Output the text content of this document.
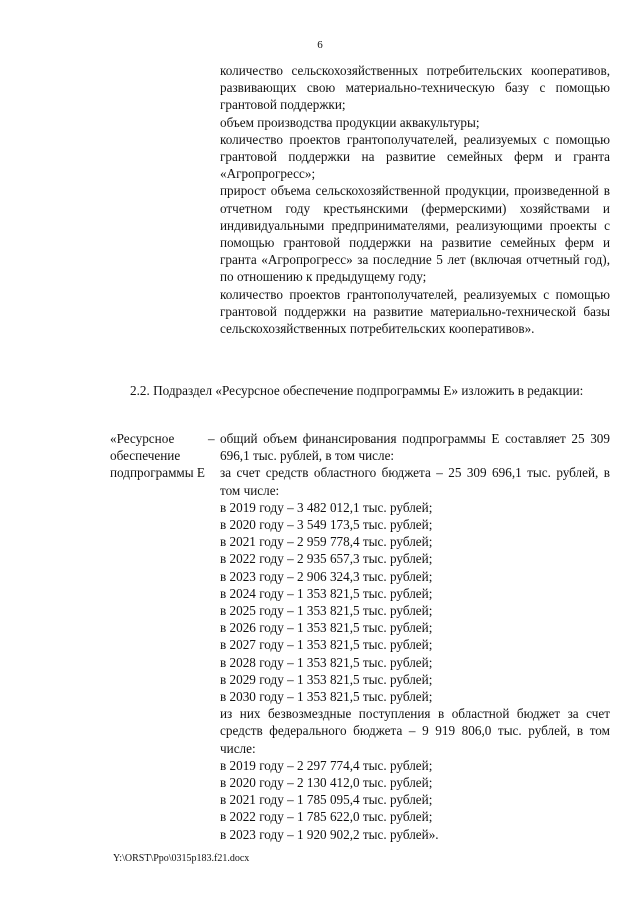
6

количество сельскохозяйственных потребительских кооперативов, развивающих свою материально-техническую базу с помощью грантовой поддержки;

объем производства продукции аквакультуры;

количество проектов грантополучателей, реализуемых с помощью грантовой поддержки на развитие семейных ферм и гранта «Агропрогресс»;

прирост объема сельскохозяйственной продукции, произведенной в отчетном году крестьянскими (фермерскими) хозяйствами и индивидуальными предпринимателями, реализующими проекты с помощью грантовой поддержки на развитие семейных ферм и гранта «Агропрогресс» за последние 5 лет (включая отчетный год), по отношению к предыдущему году;

количество проектов грантополучателей, реализуемых с помощью грантовой поддержки на развитие материально-технической базы сельскохозяйственных потребительских кооперативов».

2.2. Подраздел «Ресурсное обеспечение подпрограммы Е» изложить в редакции:

«Ресурсное обеспечение подпрограммы Е
– общий объем финансирования подпрограммы Е составляет 25 309 696,1 тыс. рублей, в том числе:
за счет средств областного бюджета – 25 309 696,1 тыс. рублей, в том числе:
в 2019 году – 3 482 012,1 тыс. рублей;
в 2020 году – 3 549 173,5 тыс. рублей;
в 2021 году – 2 959 778,4 тыс. рублей;
в 2022 году – 2 935 657,3 тыс. рублей;
в 2023 году – 2 906 324,3 тыс. рублей;
в 2024 году – 1 353 821,5 тыс. рублей;
в 2025 году – 1 353 821,5 тыс. рублей;
в 2026 году – 1 353 821,5 тыс. рублей;
в 2027 году – 1 353 821,5 тыс. рублей;
в 2028 году – 1 353 821,5 тыс. рублей;
в 2029 году – 1 353 821,5 тыс. рублей;
в 2030 году – 1 353 821,5 тыс. рублей;
из них безвозмездные поступления в областной бюджет за счет средств федерального бюджета – 9 919 806,0 тыс. рублей, в том числе:
в 2019 году – 2 297 774,4 тыс. рублей;
в 2020 году – 2 130 412,0 тыс. рублей;
в 2021 году – 1 785 095,4 тыс. рублей;
в 2022 году – 1 785 622,0 тыс. рублей;
в 2023 году – 1 920 902,2 тыс. рублей».
Y:\ORST\Ppo\0315p183.f21.docx
